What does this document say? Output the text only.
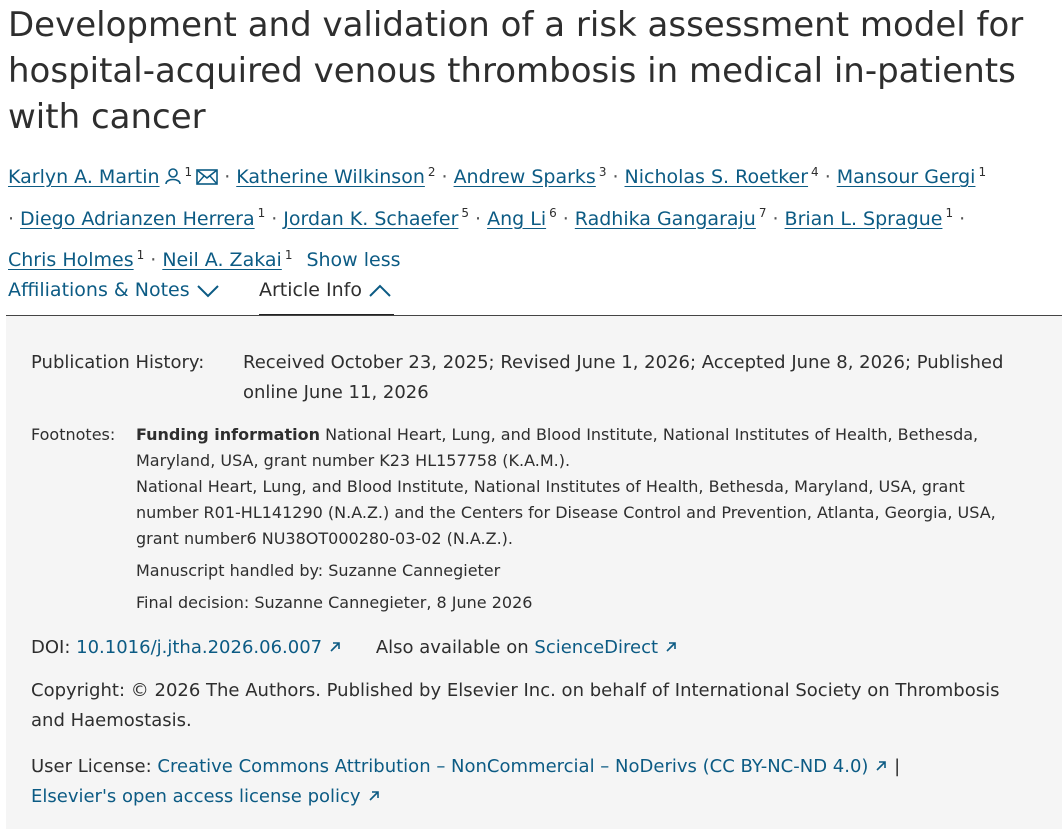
Development and validation of a risk assessment model for hospital-acquired venous thrombosis in medical in-patients with cancer
Karlyn A. Martin $^1$ · Katherine Wilkinson $^2$ · Andrew Sparks $^3$ · Nicholas S. Roetker $^4$ · Mansour Gergi $^1$
· Diego Adrianzen Herrera $^1$ · Jordan K. Schaefer $^5$ · Ang Li $^6$ · Radhika Gangaraju $^7$ · Brian L. Sprague $^1$ ·
Chris Holmes $^1$ · Neil A. Zakai $^1$ Show less
Affiliations & Notes	Article Info
Publication History: Received October 23, 2025; Revised June 1, 2026; Accepted June 8, 2026; Published online June 11, 2026
Footnotes: Funding information National Heart, Lung, and Blood Institute, National Institutes of Health, Bethesda, Maryland, USA, grant number K23 HL157758 (K.A.M.).
National Heart, Lung, and Blood Institute, National Institutes of Health, Bethesda, Maryland, USA, grant number R01-HL141290 (N.A.Z.) and the Centers for Disease Control and Prevention, Atlanta, Georgia, USA, grant number6 NU38OT000280-03-02 (N.A.Z.).
Manuscript handled by: Suzanne Cannegieter
Final decision: Suzanne Cannegieter, 8 June 2026
DOI: 10.1016/j.jtha.2026.06.007	Also available on ScienceDirect
Copyright: © 2026 The Authors. Published by Elsevier Inc. on behalf of International Society on Thrombosis and Haemostasis.
User License: Creative Commons Attribution – NonCommercial – NoDerivs (CC BY-NC-ND 4.0) |
Elsevier's open access license policy
